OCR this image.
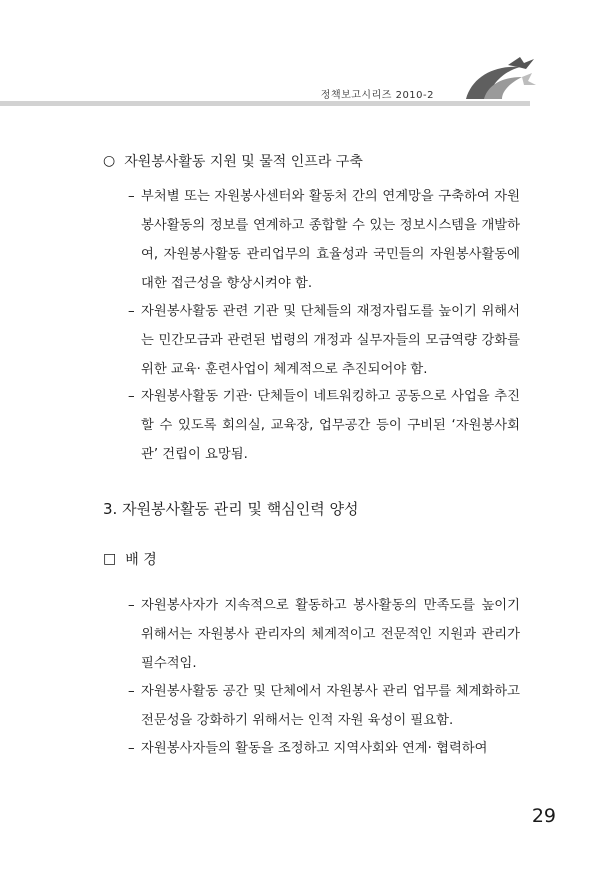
정책보고시리즈 2010-2
○ 자원봉사활동 지원 및 물적 인프라 구축
– 부처별 또는 자원봉사센터와 활동처 간의 연계망을 구축하여 자원봉사활동의 정보를 연계하고 종합할 수 있는 정보시스템을 개발하여, 자원봉사활동 관리업무의 효율성과 국민들의 자원봉사활동에 대한 접근성을 향상시켜야 함.
– 자원봉사활동 관련 기관 및 단체들의 재정자립도를 높이기 위해서는 민간모금과 관련된 법령의 개정과 실무자들의 모금역량 강화를 위한 교육· 훈련사업이 체계적으로 추진되어야 함.
– 자원봉사활동 기관· 단체들이 네트워킹하고 공동으로 사업을 추진할 수 있도록 회의실, 교육장, 업무공간 등이 구비된 ‘자원봉사회관’ 건립이 요망됨.
3. 자원봉사활동 관리 및 핵심인력 양성
□ 배 경
– 자원봉사자가 지속적으로 활동하고 봉사활동의 만족도를 높이기 위해서는 자원봉사 관리자의 체계적이고 전문적인 지원과 관리가 필수적임.
– 자원봉사활동 공간 및 단체에서 자원봉사 관리 업무를 체계화하고 전문성을 강화하기 위해서는 인적 자원 육성이 필요함.
– 자원봉사자들의 활동을 조정하고 지역사회와 연계· 협력하여
29
